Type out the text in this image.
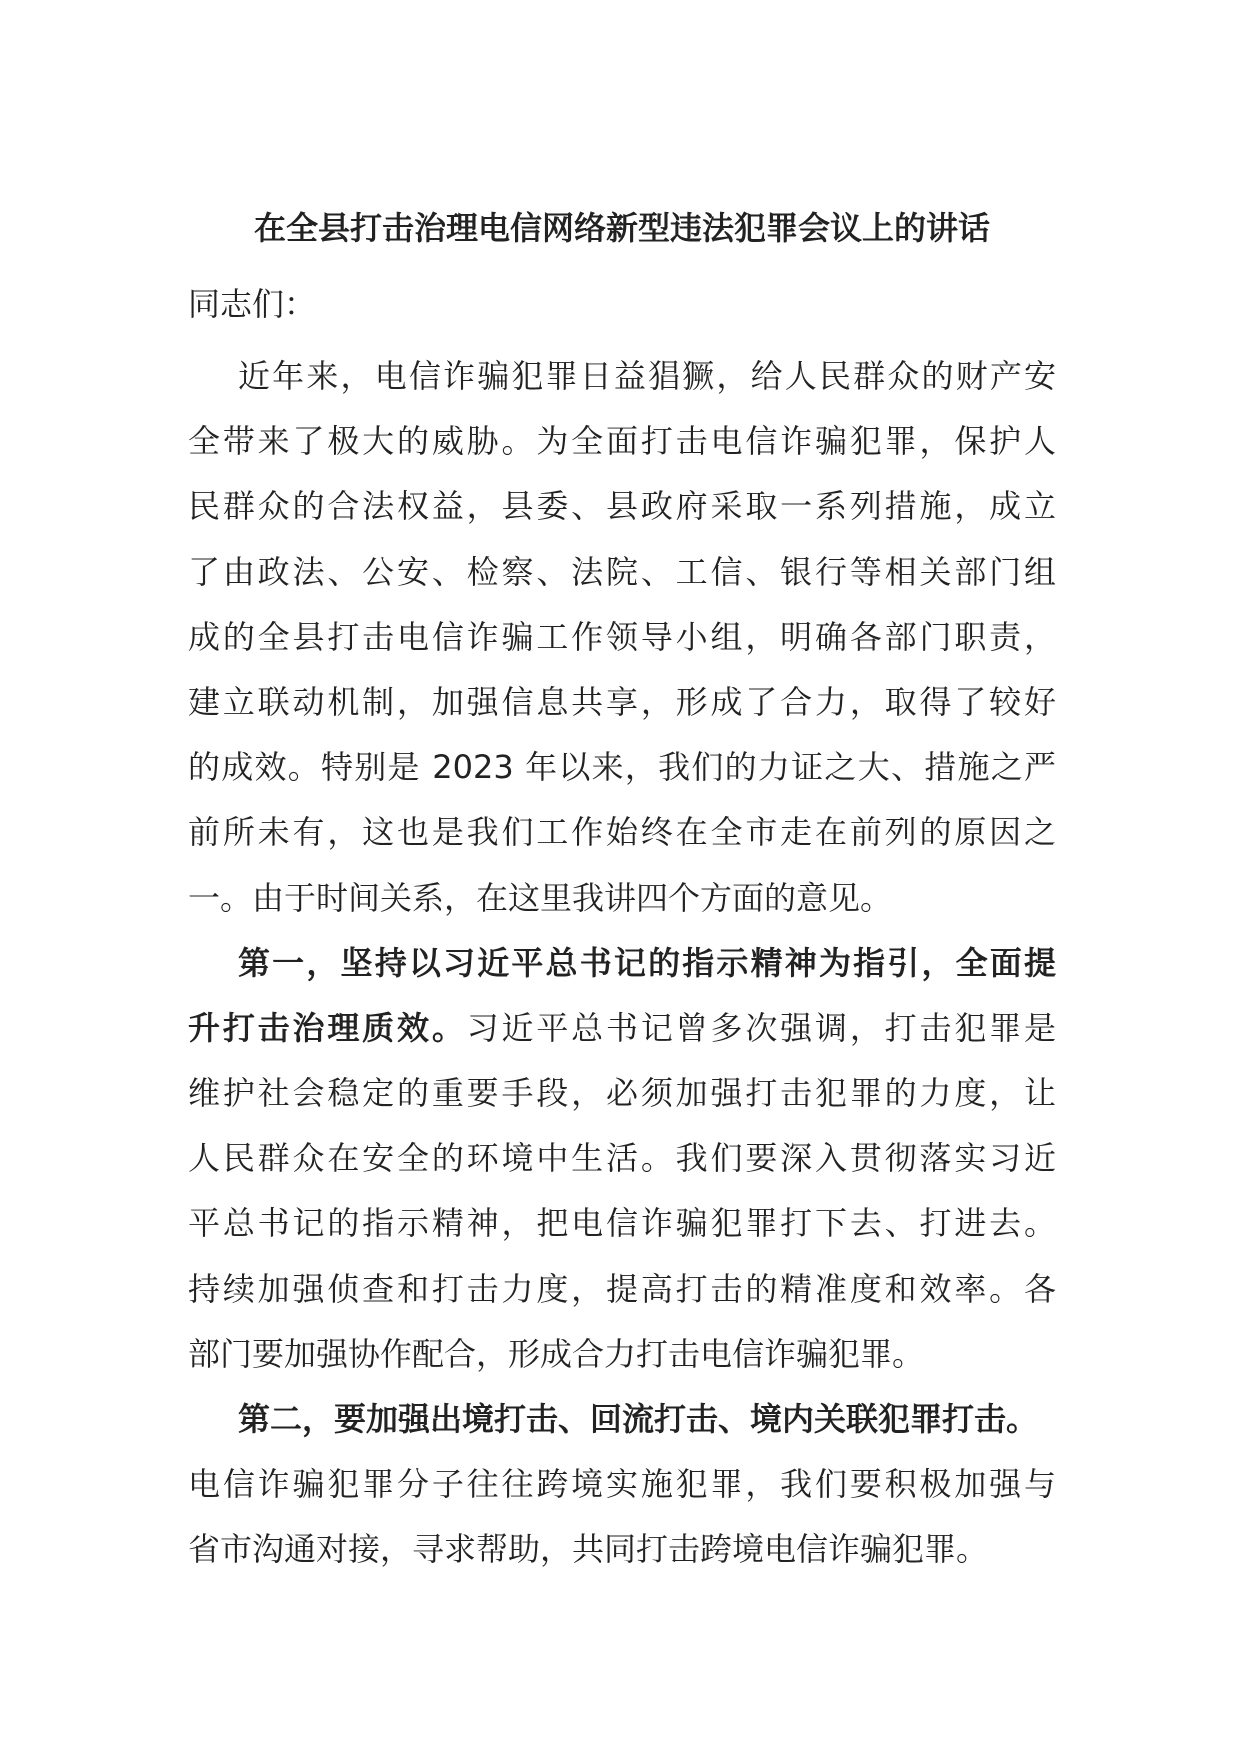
在全县打击治理电信网络新型违法犯罪会议上的讲话
同志们：
近年来，电信诈骗犯罪日益猖獗，给人民群众的财产安
全带来了极大的威胁。为全面打击电信诈骗犯罪，保护人
民群众的合法权益，县委、县政府采取一系列措施，成立
了由政法、公安、检察、法院、工信、银行等相关部门组
成的全县打击电信诈骗工作领导小组，明确各部门职责，
建立联动机制，加强信息共享，形成了合力，取得了较好
的成效。特别是 2023 年以来，我们的力证之大、措施之严
前所未有，这也是我们工作始终在全市走在前列的原因之
一。由于时间关系，在这里我讲四个方面的意见。
第一，坚持以习近平总书记的指示精神为指引，全面提
升打击治理质效。习近平总书记曾多次强调，打击犯罪是
维护社会稳定的重要手段，必须加强打击犯罪的力度，让
人民群众在安全的环境中生活。我们要深入贯彻落实习近
平总书记的指示精神，把电信诈骗犯罪打下去、打进去。
持续加强侦查和打击力度，提高打击的精准度和效率。各
部门要加强协作配合，形成合力打击电信诈骗犯罪。
第二，要加强出境打击、回流打击、境内关联犯罪打击。
电信诈骗犯罪分子往往跨境实施犯罪，我们要积极加强与
省市沟通对接，寻求帮助，共同打击跨境电信诈骗犯罪。
